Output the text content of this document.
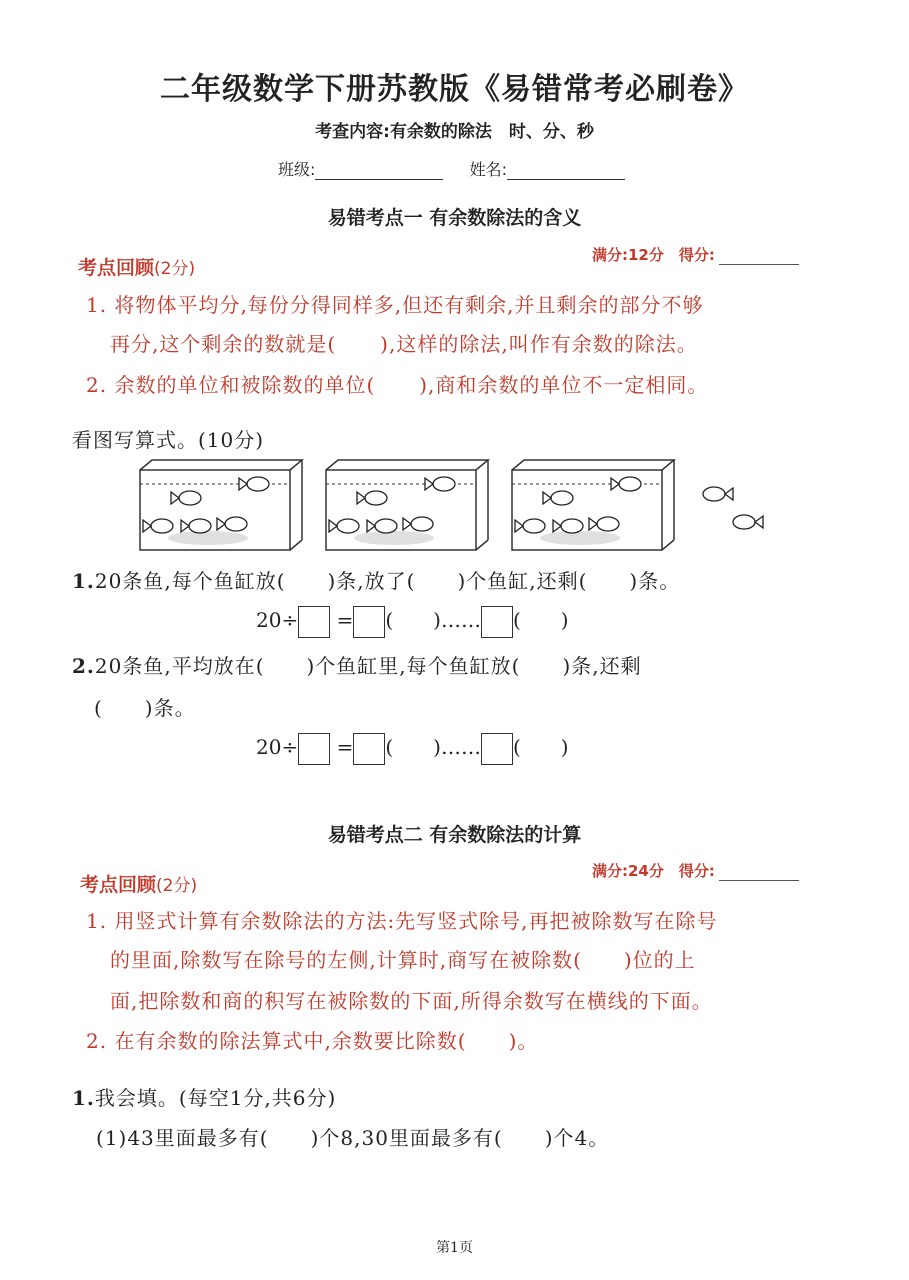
二年级数学下册苏教版《易错常考必刷卷》
考查内容:有余数的除法　时、分、秒
班级:	姓名:
易错考点一 有余数除法的含义
满分:12分　得分:
考点回顾(2分)
1. 将物体平均分,每份分得同样多,但还有剩余,并且剩余的部分不够
再分,这个剩余的数就是( ),这样的除法,叫作有余数的除法。
2. 余数的单位和被除数的单位( ),商和余数的单位不一定相同。
看图写算式。(10分)
1.20条鱼,每个鱼缸放(　　)条,放了(　　)个鱼缸,还剩(　　)条。
20÷ = (　　)…… (　　)
2.20条鱼,平均放在(　　)个鱼缸里,每个鱼缸放(　　)条,还剩
(　　)条。
20÷ = (　　)…… (　　)
易错考点二 有余数除法的计算
满分:24分　得分:
考点回顾(2分)
1. 用竖式计算有余数除法的方法:先写竖式除号,再把被除数写在除号
的里面,除数写在除号的左侧,计算时,商写在被除数(　　)位的上
面,把除数和商的积写在被除数的下面,所得余数写在横线的下面。
2. 在有余数的除法算式中,余数要比除数(　　)。
1.我会填。(每空1分,共6分)
(1)43里面最多有(　　)个8,30里面最多有(　　)个4。
第1页
